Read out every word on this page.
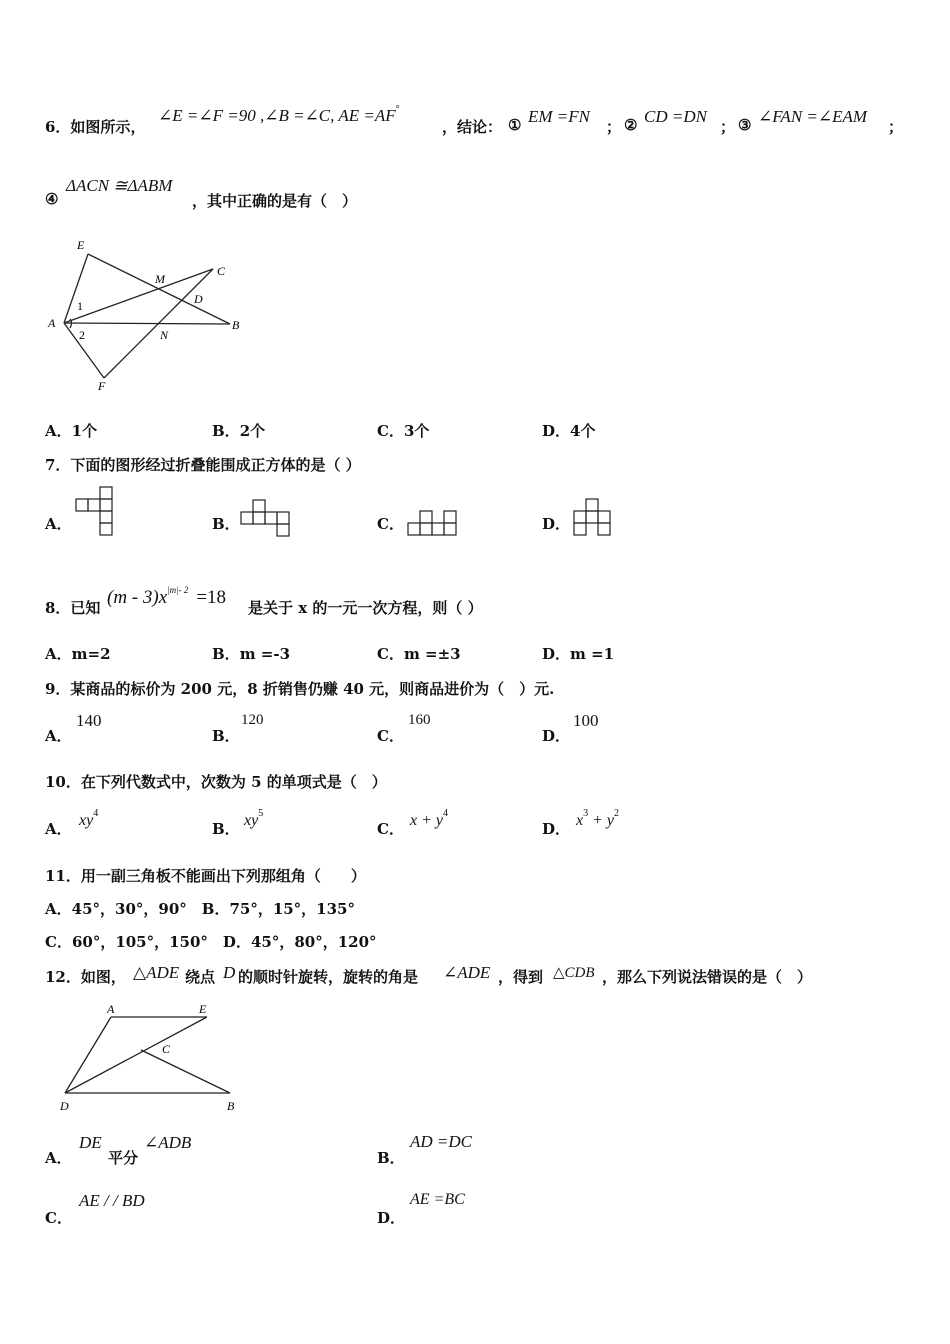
6．如图所示，
∠E =∠F =90 ,∠B =∠C, AE =AF°
，结论： ① EM =FN
； ② CD =DN
； ③ ∠FAN =∠EAM
；
④
ΔACN ≅ΔABM
，其中正确的是有（　）
E
M
C
D
A
1
2	N
B
F
A．1个	B．2个	C．3个	D．4个
7．下面的图形经过折叠能围成正方体的是（ ）
A．	B．	C．	D．
8．已知 $(m - 3)x^{|m|- 2} =18$ 是关于 x 的一元一次方程，则（ ）
A．m=2	B．m =-3	C．m =±3	D．m =1
9．某商品的标价为 200 元，8 折销售仍赚 40 元，则商品进价为（　）元.
A．
140
B．
120
C．
160
D．
100
10．在下列代数式中，次数为 5 的单项式是（　）
A． $xy^4$
B． $xy^5$
C． $x + y^4$
D． $x^3 + y^2$
11．用一副三角板不能画出下列那组角（　　）
A．45°，30°，90°　B．75°，15°，135°
C．60°，105°，150°　D．45°，80°，120°
12．如图， △ADE 绕点 D 的顺时针旋转，旋转的角是 ∠ADE ，得到 △CDB ，那么下列说法错误的是（　）
A	E
C
D	B
A．
DE
平分
∠ADB
B．
AD =DC
C．
AE / / BD
D．
AE =BC
